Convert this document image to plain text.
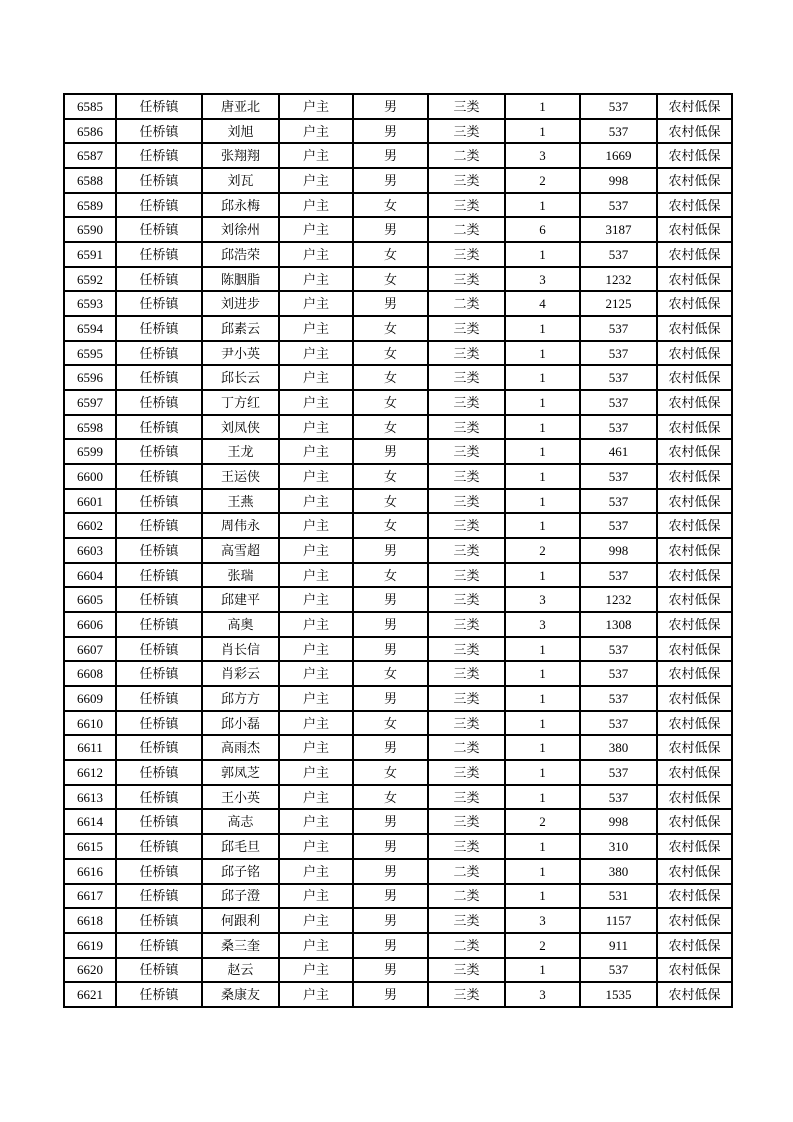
6585	任桥镇	唐亚北	户主	男	三类	1	537	农村低保
6586	任桥镇	刘旭	户主	男	三类	1	537	农村低保
6587	任桥镇	张翔翔	户主	男	二类	3	1669	农村低保
6588	任桥镇	刘瓦	户主	男	三类	2	998	农村低保
6589	任桥镇	邱永梅	户主	女	三类	1	537	农村低保
6590	任桥镇	刘徐州	户主	男	二类	6	3187	农村低保
6591	任桥镇	邱浩荣	户主	女	三类	1	537	农村低保
6592	任桥镇	陈胭脂	户主	女	三类	3	1232	农村低保
6593	任桥镇	刘进步	户主	男	二类	4	2125	农村低保
6594	任桥镇	邱素云	户主	女	三类	1	537	农村低保
6595	任桥镇	尹小英	户主	女	三类	1	537	农村低保
6596	任桥镇	邱长云	户主	女	三类	1	537	农村低保
6597	任桥镇	丁方红	户主	女	三类	1	537	农村低保
6598	任桥镇	刘凤侠	户主	女	三类	1	537	农村低保
6599	任桥镇	王龙	户主	男	三类	1	461	农村低保
6600	任桥镇	王运侠	户主	女	三类	1	537	农村低保
6601	任桥镇	王燕	户主	女	三类	1	537	农村低保
6602	任桥镇	周伟永	户主	女	三类	1	537	农村低保
6603	任桥镇	高雪超	户主	男	三类	2	998	农村低保
6604	任桥镇	张瑞	户主	女	三类	1	537	农村低保
6605	任桥镇	邱建平	户主	男	三类	3	1232	农村低保
6606	任桥镇	高奥	户主	男	三类	3	1308	农村低保
6607	任桥镇	肖长信	户主	男	三类	1	537	农村低保
6608	任桥镇	肖彩云	户主	女	三类	1	537	农村低保
6609	任桥镇	邱方方	户主	男	三类	1	537	农村低保
6610	任桥镇	邱小磊	户主	女	三类	1	537	农村低保
6611	任桥镇	高雨杰	户主	男	二类	1	380	农村低保
6612	任桥镇	郭凤芝	户主	女	三类	1	537	农村低保
6613	任桥镇	王小英	户主	女	三类	1	537	农村低保
6614	任桥镇	高志	户主	男	三类	2	998	农村低保
6615	任桥镇	邱毛旦	户主	男	三类	1	310	农村低保
6616	任桥镇	邱子铭	户主	男	二类	1	380	农村低保
6617	任桥镇	邱子澄	户主	男	二类	1	531	农村低保
6618	任桥镇	何跟利	户主	男	三类	3	1157	农村低保
6619	任桥镇	桑三奎	户主	男	二类	2	911	农村低保
6620	任桥镇	赵云	户主	男	三类	1	537	农村低保
6621	任桥镇	桑康友	户主	男	三类	3	1535	农村低保
